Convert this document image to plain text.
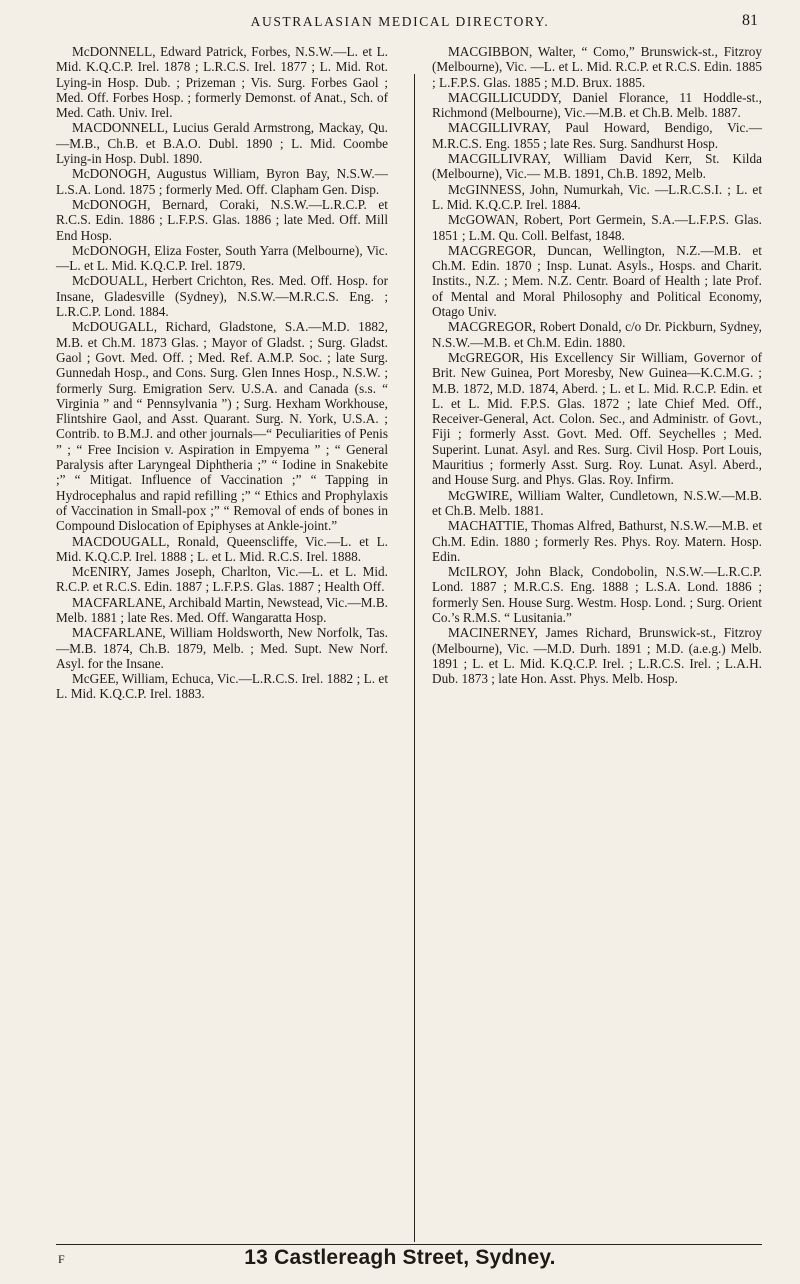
AUSTRALASIAN MEDICAL DIRECTORY.	81

McDONNELL, Edward Patrick, Forbes, N.S.W.—L. et L. Mid. K.Q.C.P. Irel. 1878 ; L.R.C.S. Irel. 1877 ; L. Mid. Rot. Lying-in Hosp. Dub. ; Prizeman ; Vis. Surg. Forbes Gaol ; Med. Off. Forbes Hosp. ; formerly Demonst. of Anat., Sch. of Med. Cath. Univ. Irel.

MACDONNELL, Lucius Gerald Armstrong, Mackay, Qu.—M.B., Ch.B. et B.A.O. Dubl. 1890 ; L. Mid. Coombe Lying-in Hosp. Dubl. 1890.

McDONOGH, Augustus William, Byron Bay, N.S.W.—L.S.A. Lond. 1875 ; formerly Med. Off. Clapham Gen. Disp.

McDONOGH, Bernard, Coraki, N.S.W.—L.R.C.P. et R.C.S. Edin. 1886 ; L.F.P.S. Glas. 1886 ; late Med. Off. Mill End Hosp.

McDONOGH, Eliza Foster, South Yarra (Melbourne), Vic.—L. et L. Mid. K.Q.C.P. Irel. 1879.

McDOUALL, Herbert Crichton, Res. Med. Off. Hosp. for Insane, Gladesville (Sydney), N.S.W.—M.R.C.S. Eng. ; L.R.C.P. Lond. 1884.

McDOUGALL, Richard, Gladstone, S.A.—M.D. 1882, M.B. et Ch.M. 1873 Glas. ; Mayor of Gladst. ; Surg. Gladst. Gaol ; Govt. Med. Off. ; Med. Ref. A.M.P. Soc. ; late Surg. Gunnedah Hosp., and Cons. Surg. Glen Innes Hosp., N.S.W. ; formerly Surg. Emigration Serv. U.S.A. and Canada (s.s. “ Virginia ” and “ Pennsylvania ”) ; Surg. Hexham Workhouse, Flintshire Gaol, and Asst. Quarant. Surg. N. York, U.S.A. ; Contrib. to B.M.J. and other journals—“ Peculiarities of Penis ” ; “ Free Incision v. Aspiration in Empyema ” ; “ General Paralysis after Laryngeal Diphtheria ;” “ Iodine in Snakebite ;” “ Mitigat. Influence of Vaccination ;” “ Tapping in Hydrocephalus and rapid refilling ;” “ Ethics and Prophylaxis of Vaccination in Small-pox ;” “ Removal of ends of bones in Compound Dislocation of Epiphyses at Ankle-joint.”

MACDOUGALL, Ronald, Queenscliffe, Vic.—L. et L. Mid. K.Q.C.P. Irel. 1888 ; L. et L. Mid. R.C.S. Irel. 1888.

McENIRY, James Joseph, Charlton, Vic.—L. et L. Mid. R.C.P. et R.C.S. Edin. 1887 ; L.F.P.S. Glas. 1887 ; Health Off.

MACFARLANE, Archibald Martin, Newstead, Vic.—M.B. Melb. 1881 ; late Res. Med. Off. Wangaratta Hosp.

MACFARLANE, William Holdsworth, New Norfolk, Tas.—M.B. 1874, Ch.B. 1879, Melb. ; Med. Supt. New Norf. Asyl. for the Insane.

McGEE, William, Echuca, Vic.—L.R.C.S. Irel. 1882 ; L. et L. Mid. K.Q.C.P. Irel. 1883.

MACGIBBON, Walter, “ Como,” Brunswick-st., Fitzroy (Melbourne), Vic. —L. et L. Mid. R.C.P. et R.C.S. Edin. 1885 ; L.F.P.S. Glas. 1885 ; M.D. Brux. 1885.

MACGILLICUDDY, Daniel Florance, 11 Hoddle-st., Richmond (Melbourne), Vic.—M.B. et Ch.B. Melb. 1887.

MACGILLIVRAY, Paul Howard, Bendigo, Vic.—M.R.C.S. Eng. 1855 ; late Res. Surg. Sandhurst Hosp.

MACGILLIVRAY, William David Kerr, St. Kilda (Melbourne), Vic.— M.B. 1891, Ch.B. 1892, Melb.

McGINNESS, John, Numurkah, Vic. —L.R.C.S.I. ; L. et L. Mid. K.Q.C.P. Irel. 1884.

McGOWAN, Robert, Port Germein, S.A.—L.F.P.S. Glas. 1851 ; L.M. Qu. Coll. Belfast, 1848.

MACGREGOR, Duncan, Wellington, N.Z.—M.B. et Ch.M. Edin. 1870 ; Insp. Lunat. Asyls., Hosps. and Charit. Instits., N.Z. ; Mem. N.Z. Centr. Board of Health ; late Prof. of Mental and Moral Philosophy and Political Economy, Otago Univ.

MACGREGOR, Robert Donald, c/o Dr. Pickburn, Sydney, N.S.W.—M.B. et Ch.M. Edin. 1880.

McGREGOR, His Excellency Sir William, Governor of Brit. New Guinea, Port Moresby, New Guinea—K.C.M.G. ; M.B. 1872, M.D. 1874, Aberd. ; L. et L. Mid. R.C.P. Edin. et L. et L. Mid. F.P.S. Glas. 1872 ; late Chief Med. Off., Receiver-General, Act. Colon. Sec., and Administr. of Govt., Fiji ; formerly Asst. Govt. Med. Off. Seychelles ; Med. Superint. Lunat. Asyl. and Res. Surg. Civil Hosp. Port Louis, Mauritius ; formerly Asst. Surg. Roy. Lunat. Asyl. Aberd., and House Surg. and Phys. Glas. Roy. Infirm.

McGWIRE, William Walter, Cundletown, N.S.W.—M.B. et Ch.B. Melb. 1881.

MACHATTIE, Thomas Alfred, Bathurst, N.S.W.—M.B. et Ch.M. Edin. 1880 ; formerly Res. Phys. Roy. Matern. Hosp. Edin.

McILROY, John Black, Condobolin, N.S.W.—L.R.C.P. Lond. 1887 ; M.R.C.S. Eng. 1888 ; L.S.A. Lond. 1886 ; formerly Sen. House Surg. Westm. Hosp. Lond. ; Surg. Orient Co.’s R.M.S. “ Lusitania.”

MACINERNEY, James Richard, Brunswick-st., Fitzroy (Melbourne), Vic. —M.D. Durh. 1891 ; M.D. (a.e.g.) Melb. 1891 ; L. et L. Mid. K.Q.C.P. Irel. ; L.R.C.S. Irel. ; L.A.H. Dub. 1873 ; late Hon. Asst. Phys. Melb. Hosp.

F	13 Castlereagh Street, Sydney.
